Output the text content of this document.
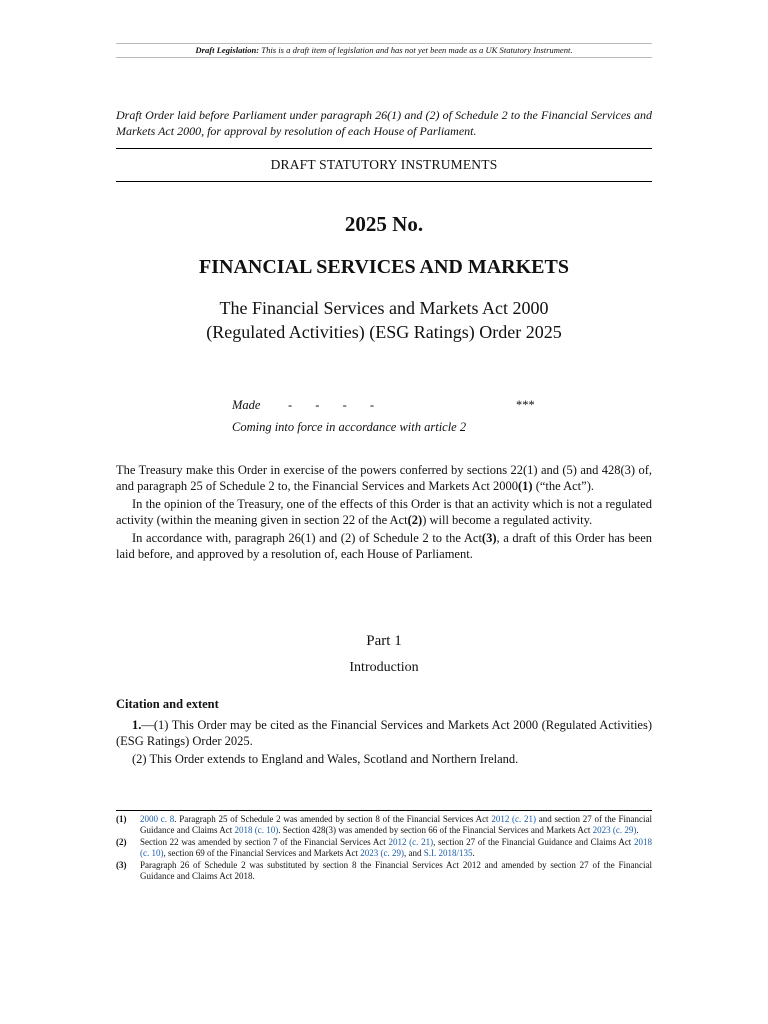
Draft Legislation: This is a draft item of legislation and has not yet been made as a UK Statutory Instrument.
Draft Order laid before Parliament under paragraph 26(1) and (2) of Schedule 2 to the Financial Services and Markets Act 2000, for approval by resolution of each House of Parliament.
DRAFT STATUTORY INSTRUMENTS
2025 No.
FINANCIAL SERVICES AND MARKETS
The Financial Services and Markets Act 2000
(Regulated Activities) (ESG Ratings) Order 2025
Made - - - -	***
Coming into force in accordance with article 2

The Treasury make this Order in exercise of the powers conferred by sections 22(1) and (5) and 428(3) of, and paragraph 25 of Schedule 2 to, the Financial Services and Markets Act 2000(1) (“the Act”).

In the opinion of the Treasury, one of the effects of this Order is that an activity which is not a regulated activity (within the meaning given in section 22 of the Act(2)) will become a regulated activity.

In accordance with, paragraph 26(1) and (2) of Schedule 2 to the Act(3), a draft of this Order has been laid before, and approved by a resolution of, each House of Parliament.

Part 1
Introduction
Citation and extent

1.—(1) This Order may be cited as the Financial Services and Markets Act 2000 (Regulated Activities) (ESG Ratings) Order 2025.

(2) This Order extends to England and Wales, Scotland and Northern Ireland.

(1)	2000 c. 8. Paragraph 25 of Schedule 2 was amended by section 8 of the Financial Services Act 2012 (c. 21) and section 27 of the Financial Guidance and Claims Act 2018 (c. 10). Section 428(3) was amended by section 66 of the Financial Services and Markets Act 2023 (c. 29).
(2)	Section 22 was amended by section 7 of the Financial Services Act 2012 (c. 21), section 27 of the Financial Guidance and Claims Act 2018 (c. 10), section 69 of the Financial Services and Markets Act 2023 (c. 29), and S.I. 2018/135.
(3)	Paragraph 26 of Schedule 2 was substituted by section 8 the Financial Services Act 2012 and amended by section 27 of the Financial Guidance and Claims Act 2018.
